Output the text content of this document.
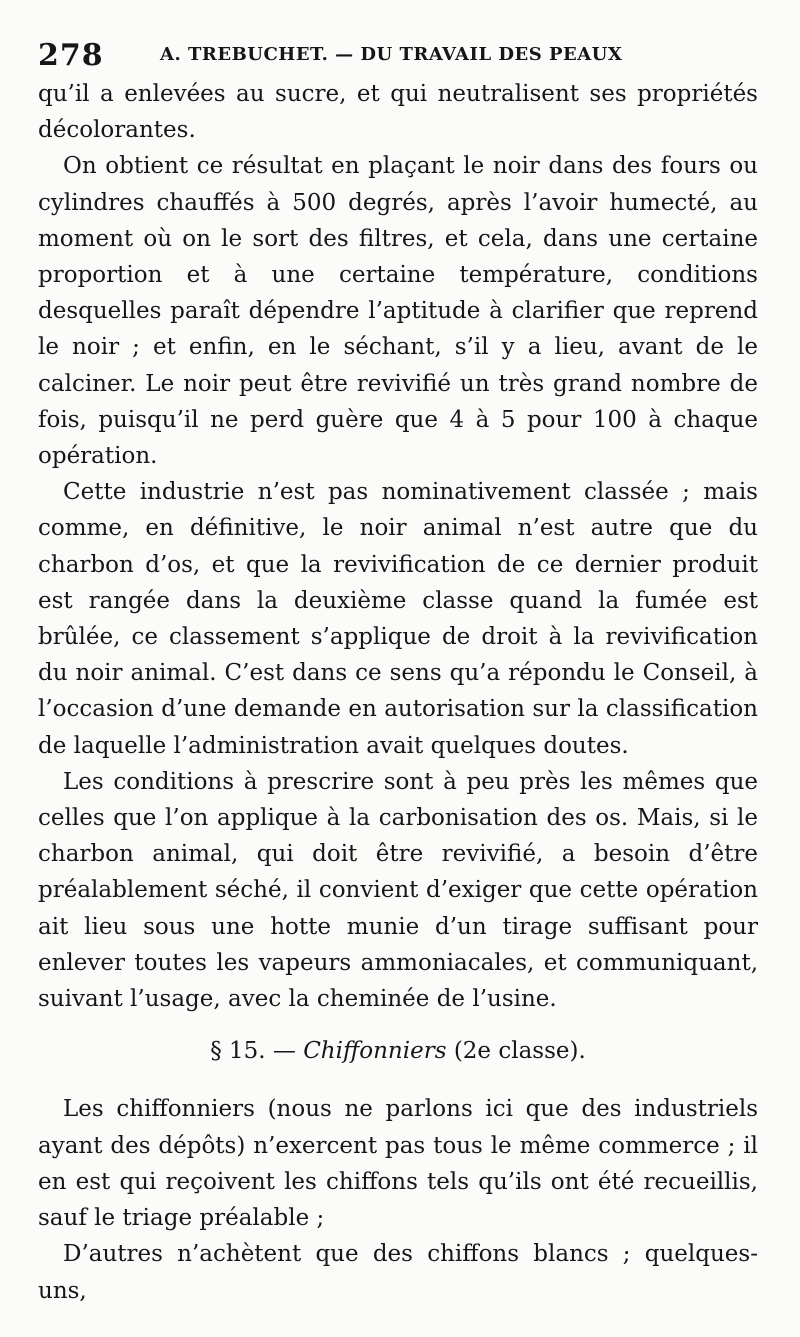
278	A. TREBUCHET. — DU TRAVAIL DES PEAUX

qu’il a enlevées au sucre, et qui neutralisent ses propriétés décolorantes.

On obtient ce résultat en plaçant le noir dans des fours ou cylindres chauffés à 500 degrés, après l’avoir humecté, au moment où on le sort des filtres, et cela, dans une certaine proportion et à une certaine température, conditions desquelles paraît dépendre l’aptitude à clarifier que reprend le noir ; et enfin, en le séchant, s’il y a lieu, avant de le calciner. Le noir peut être revivifié un très grand nombre de fois, puisqu’il ne perd guère que 4 à 5 pour 100 à chaque opération.

Cette industrie n’est pas nominativement classée ; mais comme, en définitive, le noir animal n’est autre que du charbon d’os, et que la revivification de ce dernier produit est rangée dans la deuxième classe quand la fumée est brûlée, ce classement s’applique de droit à la revivification du noir animal. C’est dans ce sens qu’a répondu le Conseil, à l’occasion d’une demande en autorisation sur la classification de laquelle l’administration avait quelques doutes.

Les conditions à prescrire sont à peu près les mêmes que celles que l’on applique à la carbonisation des os. Mais, si le charbon animal, qui doit être revivifié, a besoin d’être préalablement séché, il convient d’exiger que cette opération ait lieu sous une hotte munie d’un tirage suffisant pour enlever toutes les vapeurs ammoniacales, et communiquant, suivant l’usage, avec la cheminée de l’usine.

§ 15. — Chiffonniers (2e classe).

Les chiffonniers (nous ne parlons ici que des industriels ayant des dépôts) n’exercent pas tous le même commerce ; il en est qui reçoivent les chiffons tels qu’ils ont été recueillis, sauf le triage préalable ;

D’autres n’achètent que des chiffons blancs ; quelques-uns,
